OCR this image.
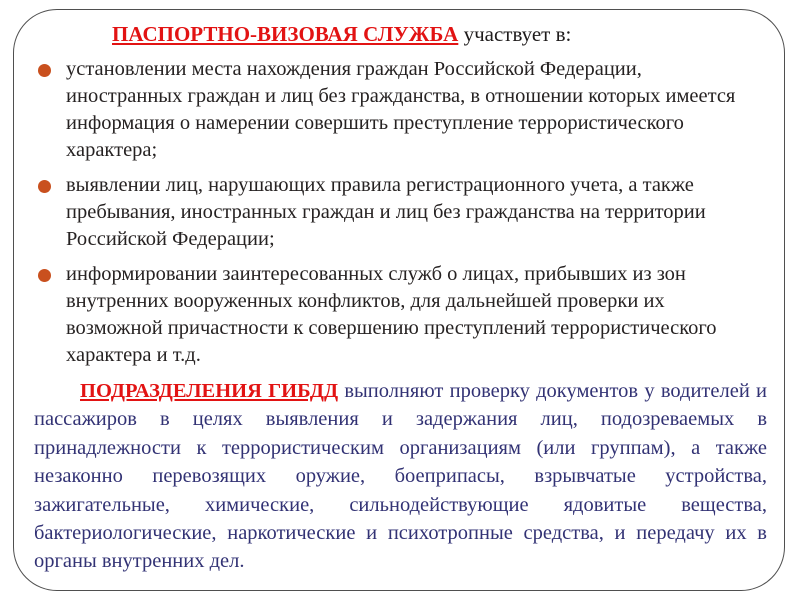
ПАСПОРТНО-ВИЗОВАЯ СЛУЖБА участвует в:

установлении места нахождения граждан Российской Федерации, иностранных граждан и лиц без гражданства, в отношении которых имеется информация о намерении совершить преступление террористического характера;
выявлении лиц, нарушающих правила регистрационного учета, а также пребывания, иностранных граждан и лиц без гражданства на территории Российской Федерации;
информировании заинтересованных служб о лицах, прибывших из зон внутренних вооруженных конфликтов, для дальнейшей проверки их возможной причастности к совершению преступлений террористического характера и т.д.

ПОДРАЗДЕЛЕНИЯ ГИБДД выполняют проверку документов у водителей и пассажиров в целях выявления и задержания лиц, подозреваемых в принадлежности к террористическим организациям (или группам), а также незаконно перевозящих оружие, боеприпасы, взрывчатые устройства, зажигательные, химические, сильнодействующие ядовитые вещества, бактериологические, наркотические и психотропные средства, и передачу их в органы внутренних дел.
